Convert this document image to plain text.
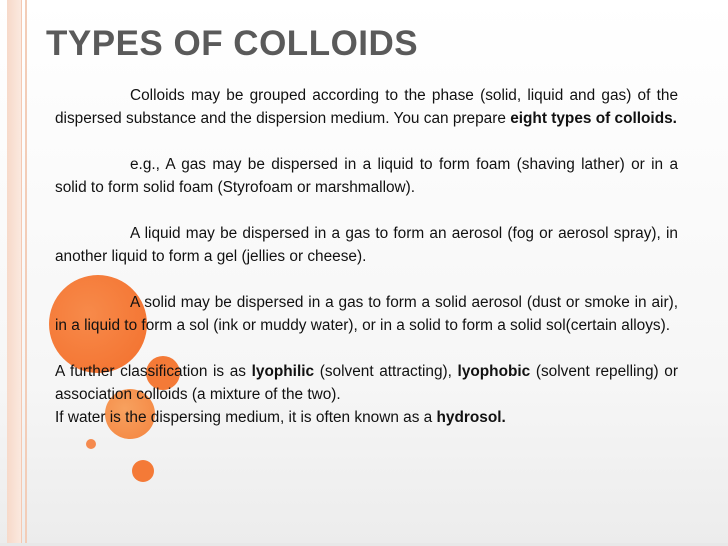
TYPES OF COLLOIDS

Colloids may be grouped according to the phase (solid, liquid and gas) of the dispersed substance and the dispersion medium. You can prepare eight types of colloids.

e.g., A gas may be dispersed in a liquid to form foam (shaving lather) or in a solid to form solid foam (Styrofoam or marshmallow).

A liquid may be dispersed in a gas to form an aerosol (fog or aerosol spray), in another liquid to form a gel (jellies or cheese).

A solid may be dispersed in a gas to form a solid aerosol (dust or smoke in air), in a liquid to form a sol (ink or muddy water), or in a solid to form a solid sol(certain alloys).

A further classification is as lyophilic (solvent attracting), lyophobic (solvent repelling) or association colloids (a mixture of the two).

If water is the dispersing medium, it is often known as a hydrosol.
